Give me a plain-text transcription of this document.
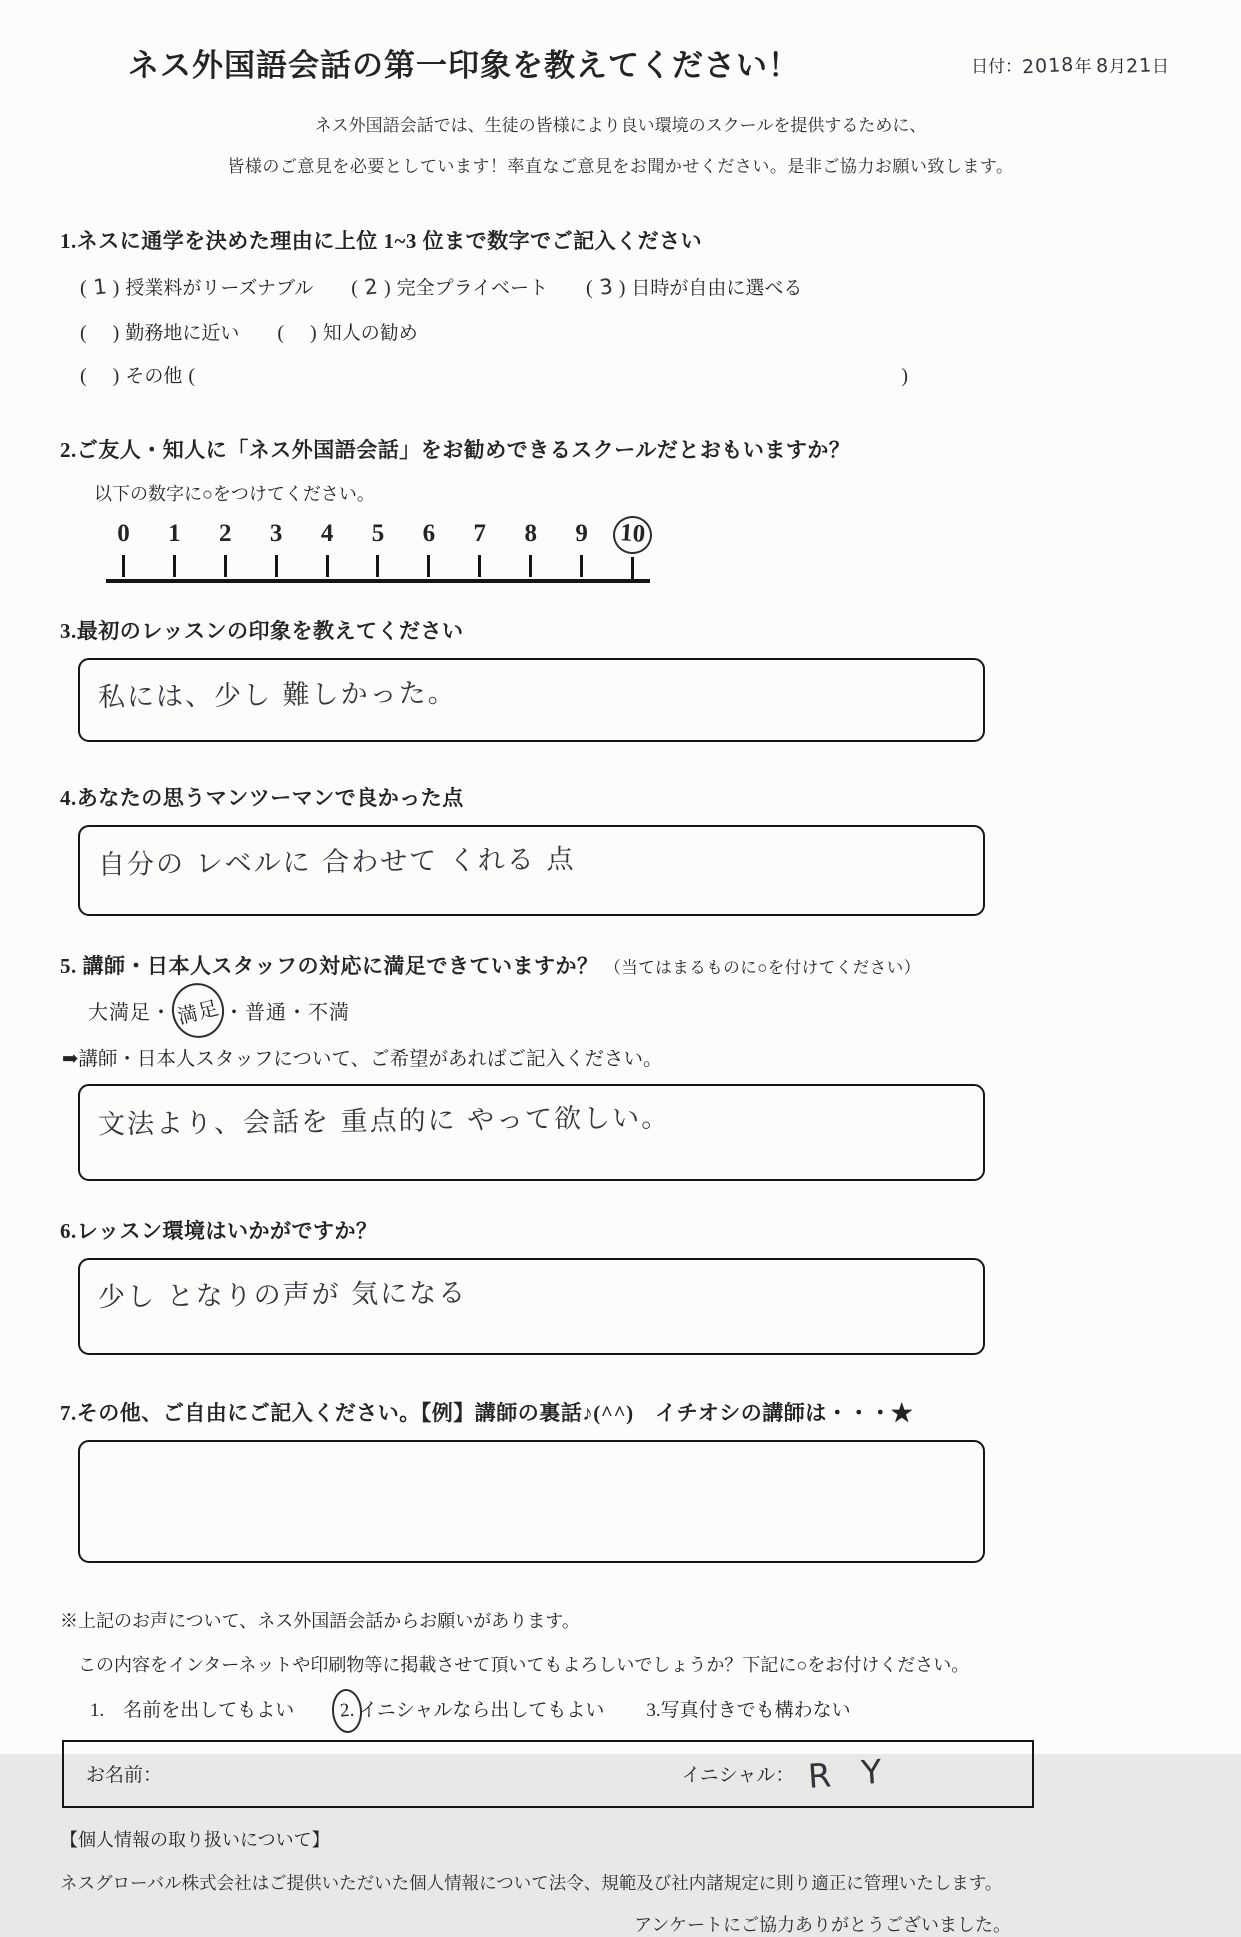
ネス外国語会話の第一印象を教えてください！	日付：2018年 8月21日

ネス外国語会話では、生徒の皆様により良い環境のスクールを提供するために、

皆様のご意見を必要としています！率直なご意見をお聞かせください。是非ご協力お願い致します。

1.ネスに通学を決めた理由に上位 1~3 位まで数字でご記入ください
( 1 ) 授業料がリーズナブル ( 2 ) 完全プライベート ( 3 ) 日時が自由に選べる
( ) 勤務地に近い ( ) 知人の勧め
( ) その他 (	)
2.ご友人・知人に「ネス外国語会話」をお勧めできるスクールだとおもいますか？

以下の数字に○をつけてください。

0	1	2	3	4	5	6	7	8	9	10
3.最初のレッスンの印象を教えてください
私には、少し 難しかった。
4.あなたの思うマンツーマンで良かった点
自分の レベルに 合わせて くれる 点
5. 講師・日本人スタッフの対応に満足できていますか？ （当てはまるものに○を付けてください）
大満足・ 満足 ・普通・不満

➡講師・日本人スタッフについて、ご希望があればご記入ください。

文法より、会話を 重点的に やって欲しい。
6.レッスン環境はいかがですか？
少し となりの声が 気になる
7.その他、ご自由にご記入ください。【例】講師の裏話♪(^^)　イチオシの講師は・・・★

※上記のお声について、ネス外国語会話からお願いがあります。

この内容をインターネットや印刷物等に掲載させて頂いてもよろしいでしょうか？下記に○をお付けください。

1.　 名前を出してもよい 2. イニシャルなら出してもよい 3.写真付きでも構わない
お名前：	イニシャル： R Y

【個人情報の取り扱いについて】

ネスグローバル株式会社はご提供いただいた個人情報について法令、規範及び社内諸規定に則り適正に管理いたします。

アンケートにご協力ありがとうございました。
